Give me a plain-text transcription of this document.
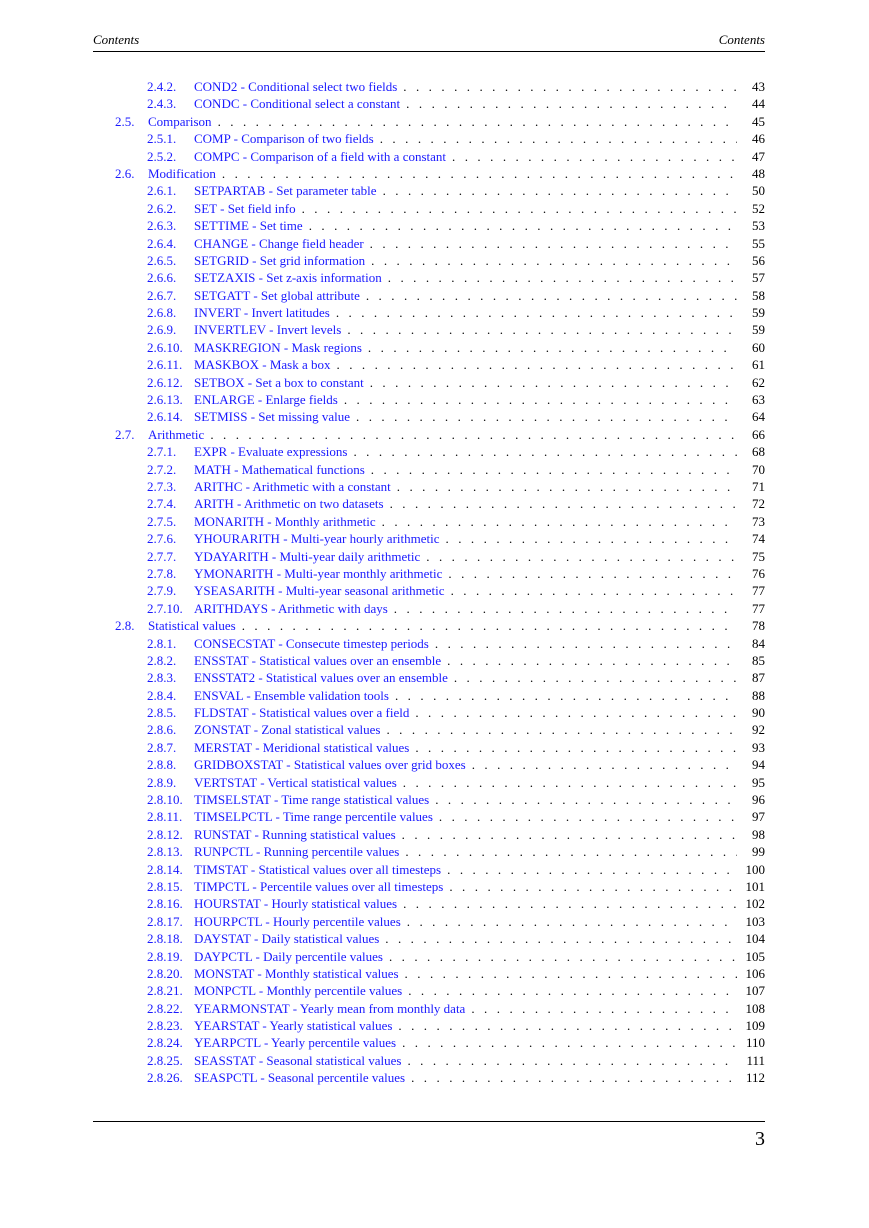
Contents	Contents
2.4.2. COND2 - Conditional select two fields . . .	43
2.4.3. CONDC - Conditional select a constant . . .	44
2.5. Comparison . . .	45
2.5.1. COMP - Comparison of two fields . . .	46
2.5.2. COMPC - Comparison of a field with a constant . . .	47
2.6. Modification . . .	48
2.6.1. SETPARTAB - Set parameter table . . .	50
2.6.2. SET - Set field info . . .	52
2.6.3. SETTIME - Set time . . .	53
2.6.4. CHANGE - Change field header . . .	55
2.6.5. SETGRID - Set grid information . . .	56
2.6.6. SETZAXIS - Set z-axis information . . .	57
2.6.7. SETGATT - Set global attribute . . .	58
2.6.8. INVERT - Invert latitudes . . .	59
2.6.9. INVERTLEV - Invert levels . . .	59
2.6.10. MASKREGION - Mask regions . . .	60
2.6.11. MASKBOX - Mask a box . . .	61
2.6.12. SETBOX - Set a box to constant . . .	62
2.6.13. ENLARGE - Enlarge fields . . .	63
2.6.14. SETMISS - Set missing value . . .	64
2.7. Arithmetic . . .	66
2.7.1. EXPR - Evaluate expressions . . .	68
2.7.2. MATH - Mathematical functions . . .	70
2.7.3. ARITHC - Arithmetic with a constant . . .	71
2.7.4. ARITH - Arithmetic on two datasets . . .	72
2.7.5. MONARITH - Monthly arithmetic . . .	73
2.7.6. YHOURARITH - Multi-year hourly arithmetic . . .	74
2.7.7. YDAYARITH - Multi-year daily arithmetic . . .	75
2.7.8. YMONARITH - Multi-year monthly arithmetic . . .	76
2.7.9. YSEASARITH - Multi-year seasonal arithmetic . . .	77
2.7.10. ARITHDAYS - Arithmetic with days . . .	77
2.8. Statistical values . . .	78
2.8.1. CONSECSTAT - Consecute timestep periods . . .	84
2.8.2. ENSSTAT - Statistical values over an ensemble . . .	85
2.8.3. ENSSTAT2 - Statistical values over an ensemble . . .	87
2.8.4. ENSVAL - Ensemble validation tools . . .	88
2.8.5. FLDSTAT - Statistical values over a field . . .	90
2.8.6. ZONSTAT - Zonal statistical values . . .	92
2.8.7. MERSTAT - Meridional statistical values . . .	93
2.8.8. GRIDBOXSTAT - Statistical values over grid boxes . . .	94
2.8.9. VERTSTAT - Vertical statistical values . . .	95
2.8.10. TIMSELSTAT - Time range statistical values . . .	96
2.8.11. TIMSELPCTL - Time range percentile values . . .	97
2.8.12. RUNSTAT - Running statistical values . . .	98
2.8.13. RUNPCTL - Running percentile values . . .	99
2.8.14. TIMSTAT - Statistical values over all timesteps . . .	100
2.8.15. TIMPCTL - Percentile values over all timesteps . . .	101
2.8.16. HOURSTAT - Hourly statistical values . . .	102
2.8.17. HOURPCTL - Hourly percentile values . . .	103
2.8.18. DAYSTAT - Daily statistical values . . .	104
2.8.19. DAYPCTL - Daily percentile values . . .	105
2.8.20. MONSTAT - Monthly statistical values . . .	106
2.8.21. MONPCTL - Monthly percentile values . . .	107
2.8.22. YEARMONSTAT - Yearly mean from monthly data . . .	108
2.8.23. YEARSTAT - Yearly statistical values . . .	109
2.8.24. YEARPCTL - Yearly percentile values . . .	110
2.8.25. SEASSTAT - Seasonal statistical values . . .	111
2.8.26. SEASPCTL - Seasonal percentile values . . .	112
3
